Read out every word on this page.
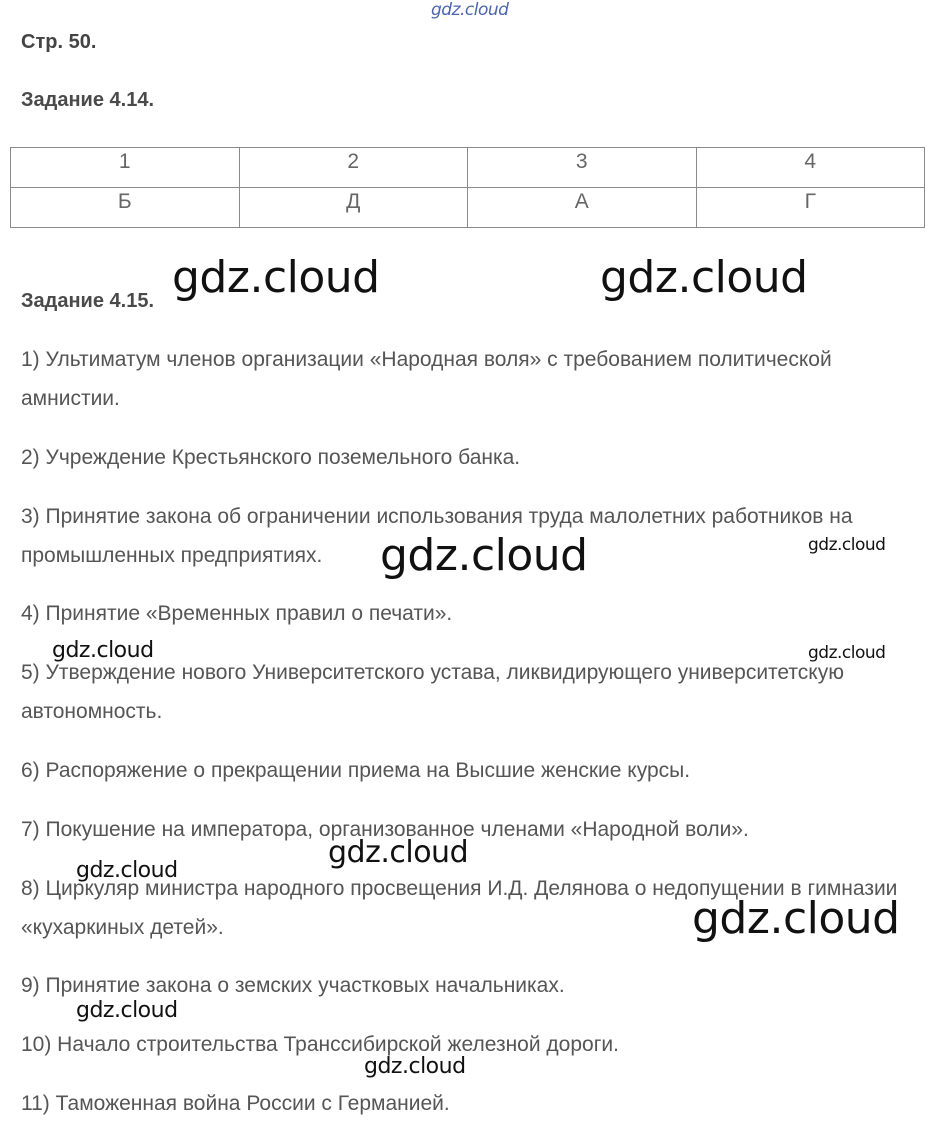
gdz.cloud
Стр. 50.
Задание 4.14.
1	2	3	4
Б	Д	А	Г
Задание 4.15.
1) Ультиматум членов организации «Народная воля» с требованием политической амнистии.
2) Учреждение Крестьянского поземельного банка.
3) Принятие закона об ограничении использования труда малолетних работников на промышленных предприятиях.
4) Принятие «Временных правил о печати».
5) Утверждение нового Университетского устава, ликвидирующего университетскую автономность.
6) Распоряжение о прекращении приема на Высшие женские курсы.
7) Покушение на императора, организованное членами «Народной воли».
8) Циркуляр министра народного просвещения И.Д. Делянова о недопущении в гимназии «кухаркиных детей».
9) Принятие закона о земских участковых начальниках.
10) Начало строительства Транссибирской железной дороги.
11) Таможенная война России с Германией.
gdz.cloud	gdz.cloud
gdz.cloud	gdz.cloud
gdz.cloud	gdz.cloud
gdz.cloud
gdz.cloud
gdz.cloud
gdz.cloud
gdz.cloud
